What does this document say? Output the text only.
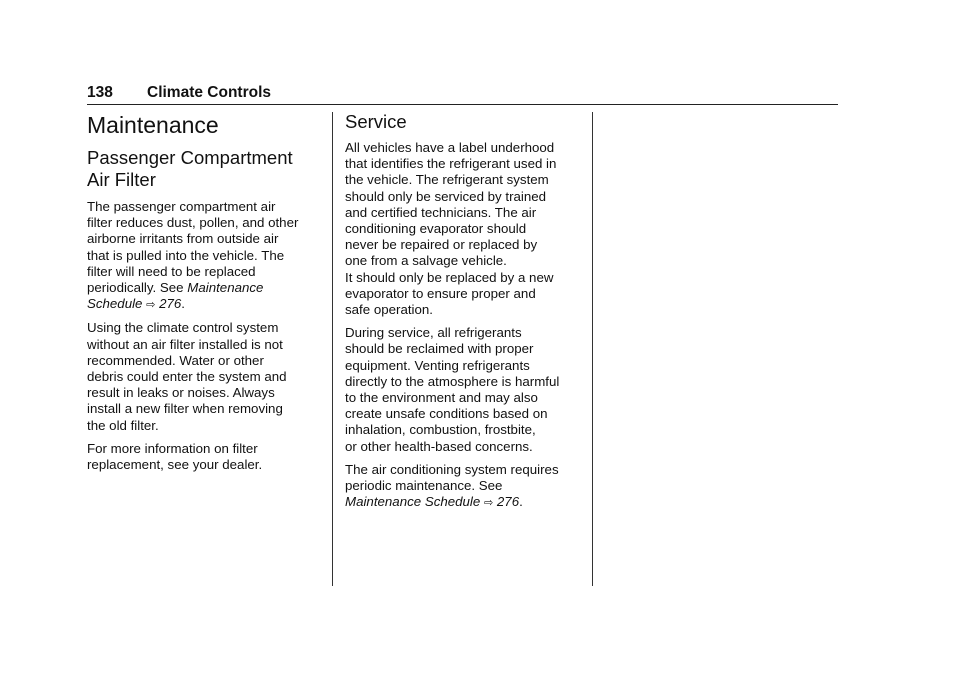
138 Climate Controls
Maintenance
Passenger Compartment
Air Filter

The passenger compartment air
filter reduces dust, pollen, and other
airborne irritants from outside air
that is pulled into the vehicle. The
filter will need to be replaced
periodically. See Maintenance
Schedule ⇨ 276.

Using the climate control system
without an air filter installed is not
recommended. Water or other
debris could enter the system and
result in leaks or noises. Always
install a new filter when removing
the old filter.

For more information on filter
replacement, see your dealer.

Service

All vehicles have a label underhood
that identifies the refrigerant used in
the vehicle. The refrigerant system
should only be serviced by trained
and certified technicians. The air
conditioning evaporator should
never be repaired or replaced by
one from a salvage vehicle.

It should only be replaced by a new
evaporator to ensure proper and
safe operation.

During service, all refrigerants
should be reclaimed with proper
equipment. Venting refrigerants
directly to the atmosphere is harmful
to the environment and may also
create unsafe conditions based on
inhalation, combustion, frostbite,
or other health-based concerns.

The air conditioning system requires
periodic maintenance. See
Maintenance Schedule ⇨ 276.
